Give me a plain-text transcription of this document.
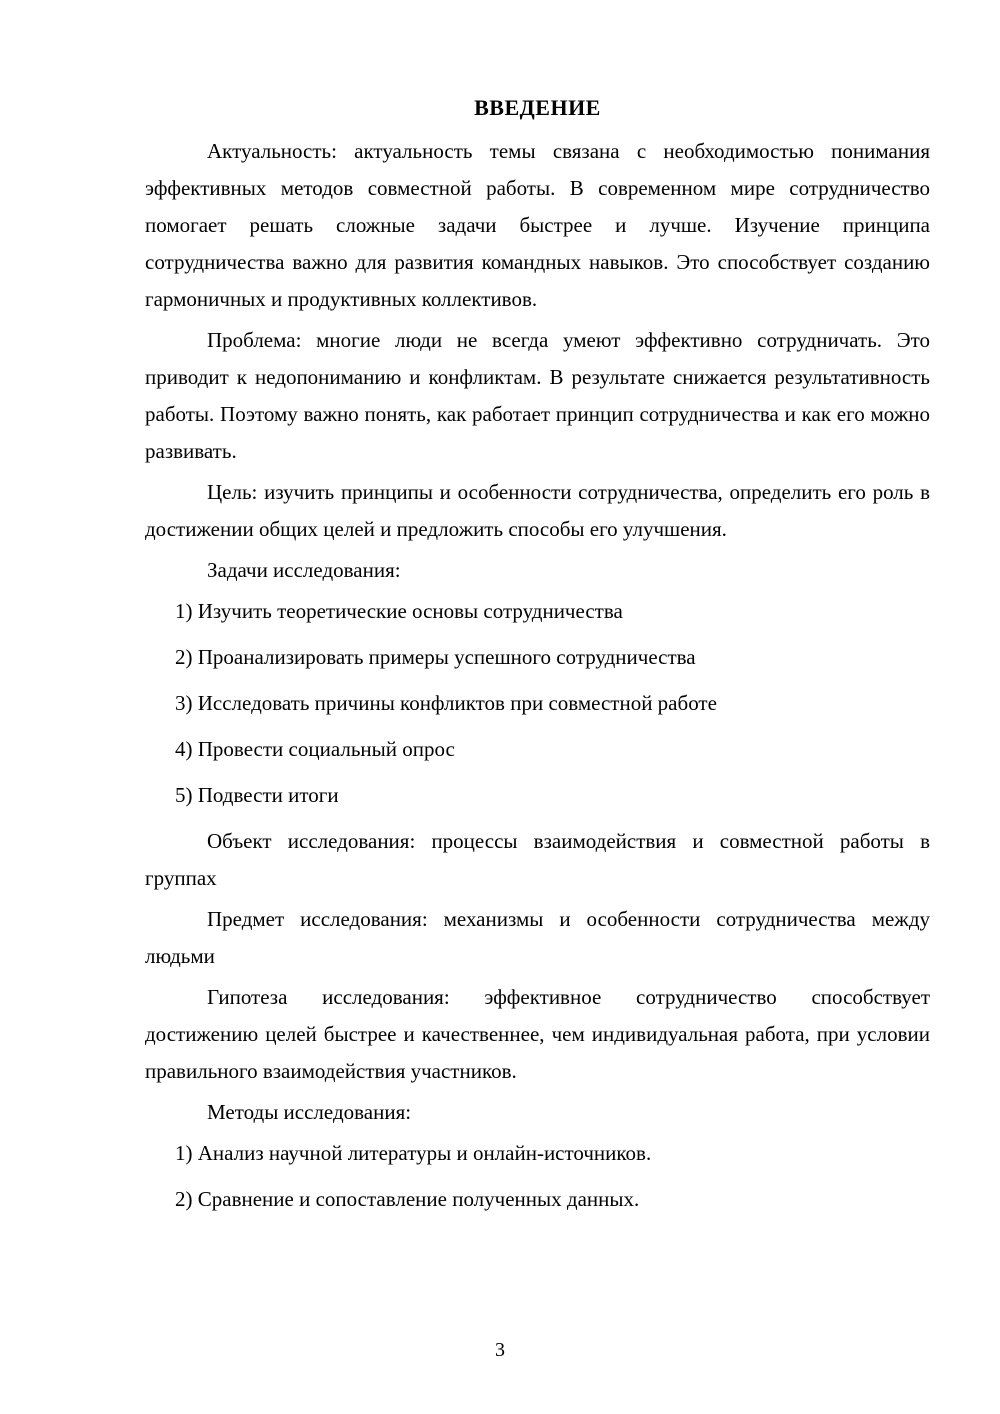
ВВЕДЕНИЕ

Актуальность: актуальность темы связана с необходимостью понимания эффективных методов совместной работы. В современном мире сотрудничество помогает решать сложные задачи быстрее и лучше. Изучение принципа сотрудничества важно для развития командных навыков. Это способствует созданию гармоничных и продуктивных коллективов.

Проблема: многие люди не всегда умеют эффективно сотрудничать. Это приводит к недопониманию и конфликтам. В результате снижается результативность работы. Поэтому важно понять, как работает принцип сотрудничества и как его можно развивать.

Цель: изучить принципы и особенности сотрудничества, определить его роль в достижении общих целей и предложить способы его улучшения.

Задачи исследования:

1) Изучить теоретические основы сотрудничества

2) Проанализировать примеры успешного сотрудничества

3) Исследовать причины конфликтов при совместной работе

4) Провести социальный опрос

5) Подвести итоги

Объект исследования: процессы взаимодействия и совместной работы в группах

Предмет исследования: механизмы и особенности сотрудничества между людьми

Гипотеза исследования: эффективное сотрудничество способствует достижению целей быстрее и качественнее, чем индивидуальная работа, при условии правильного взаимодействия участников.

Методы исследования:

1) Анализ научной литературы и онлайн-источников.

2) Сравнение и сопоставление полученных данных.

3
